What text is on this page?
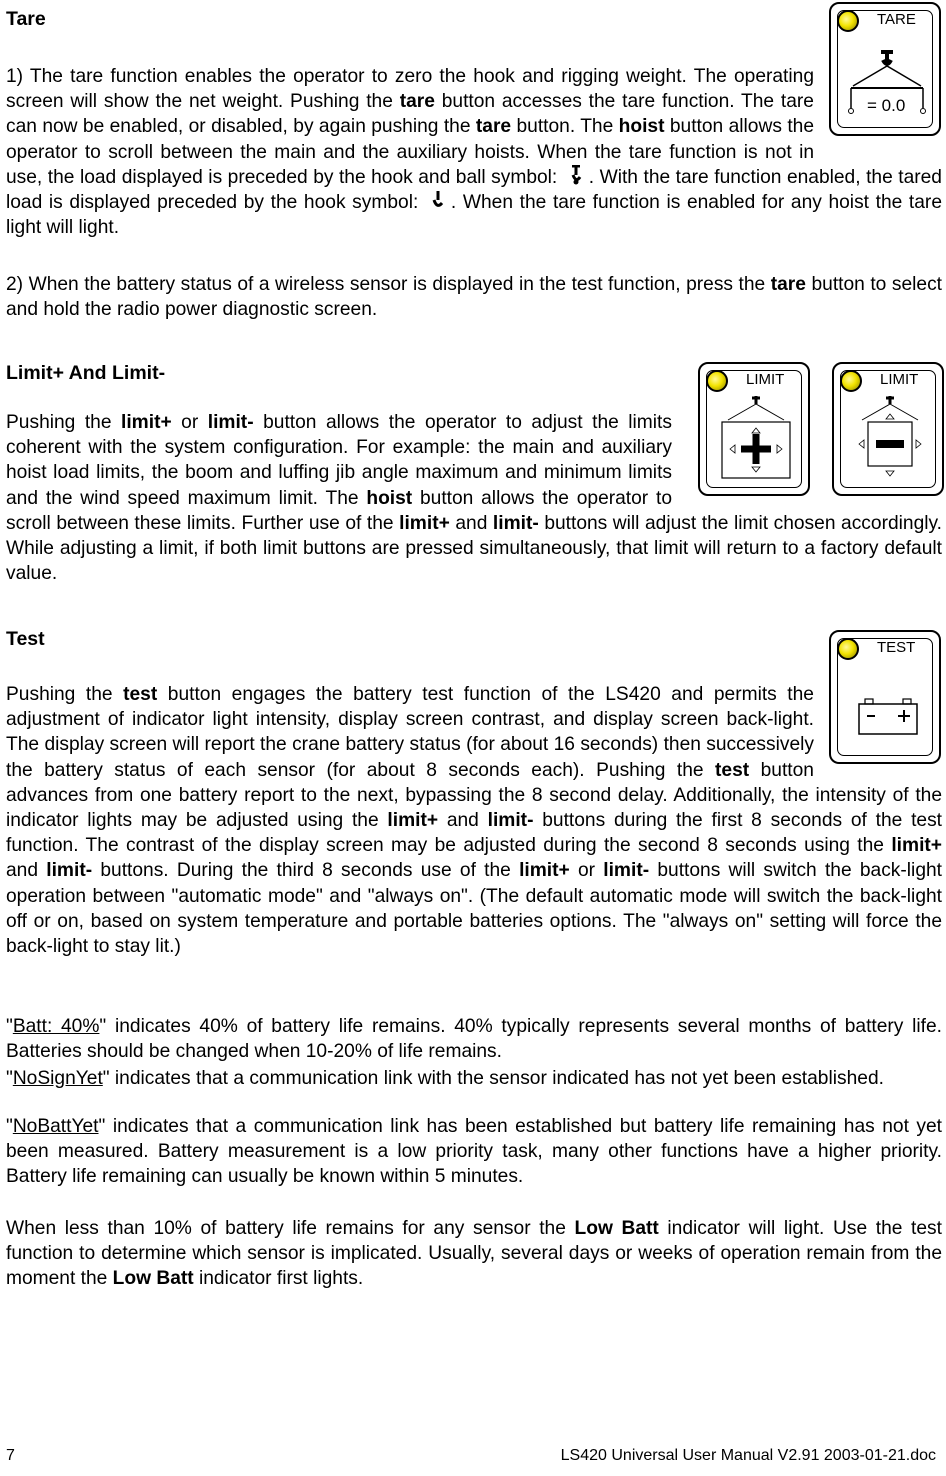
Tare	TARE
= 0.0
1) The tare function enables the operator to zero the hook and rigging weight. The operating screen will show the net weight. Pushing the tare button accesses the tare function. The tare can now be enabled, or disabled, by again pushing the tare button. The hoist button allows the operator to scroll between the main and the auxiliary hoists. When the tare function is not in use, the load displayed is preceded by the hook and ball symbol: . With the tare function enabled, the tared load is displayed preceded by the hook symbol: . When the tare function is enabled for any hoist the tare light will light.
2) When the battery status of a wireless sensor is displayed in the test function, press the tare button to select and hold the radio power diagnostic screen.
Limit+ And Limit-	LIMIT	LIMIT
Pushing the limit+ or limit- button allows the operator to adjust the limits coherent with the system configuration. For example: the main and auxiliary hoist load limits, the boom and luffing jib angle maximum and minimum limits and the wind speed maximum limit. The hoist button allows the operator to scroll between these limits. Further use of the limit+ and limit- buttons will adjust the limit chosen accordingly. While adjusting a limit, if both limit buttons are pressed simultaneously, that limit will return to a factory default value.
Test	TEST
Pushing the test button engages the battery test function of the LS420 and permits the adjustment of indicator light intensity, display screen contrast, and display screen back-light. The display screen will report the crane battery status (for about 16 seconds) then successively the battery status of each sensor (for about 8 seconds each). Pushing the test button advances from one battery report to the next, bypassing the 8 second delay. Additionally, the intensity of the indicator lights may be adjusted using the limit+ and limit- buttons during the first 8 seconds of the test function. The contrast of the display screen may be adjusted during the second 8 seconds using the limit+ and limit- buttons. During the third 8 seconds use of the limit+ or limit- buttons will switch the back-light operation between "automatic mode" and "always on". (The default automatic mode will switch the back-light off or on, based on system temperature and portable batteries options. The "always on" setting will force the back-light to stay lit.)
"Batt: 40%" indicates 40% of battery life remains. 40% typically represents several months of battery life. Batteries should be changed when 10-20% of life remains.
"NoSignYet" indicates that a communication link with the sensor indicated has not yet been established.
"NoBattYet" indicates that a communication link has been established but battery life remaining has not yet been measured. Battery measurement is a low priority task, many other functions have a higher priority. Battery life remaining can usually be known within 5 minutes.
When less than 10% of battery life remains for any sensor the Low Batt indicator will light. Use the test function to determine which sensor is implicated. Usually, several days or weeks of operation remain from the moment the Low Batt indicator first lights.
7	LS420 Universal User Manual V2.91 2003-01-21.doc
